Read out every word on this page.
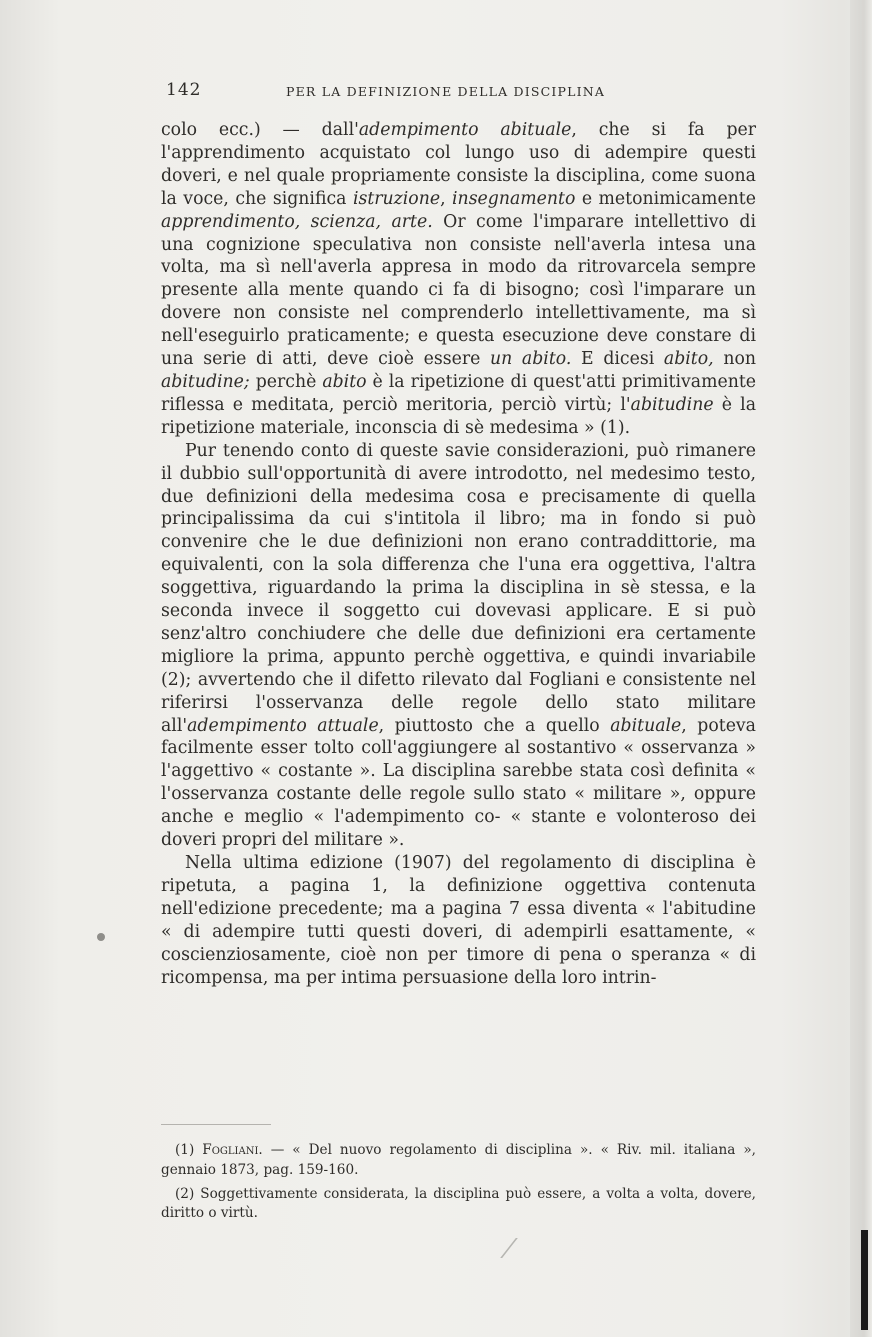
142	PER LA DEFINIZIONE DELLA DISCIPLINA

colo ecc.) — dall'adempimento abituale, che si fa per l'apprendimento acquistato col lungo uso di adempire questi doveri, e nel quale propriamente consiste la disciplina, come suona la voce, che significa istruzione, insegnamento e metonimicamente apprendimento, scienza, arte. Or come l'imparare intellettivo di una cognizione speculativa non consiste nell'averla intesa una volta, ma sì nell'averla appresa in modo da ritrovarcela sempre presente alla mente quando ci fa di bisogno; così l'imparare un dovere non consiste nel comprenderlo intellettivamente, ma sì nell'eseguirlo praticamente; e questa esecuzione deve constare di una serie di atti, deve cioè essere un abito. E dicesi abito, non abitudine; perchè abito è la ripetizione di quest'atti primitivamente riflessa e meditata, perciò meritoria, perciò virtù; l'abitudine è la ripetizione materiale, inconscia di sè medesima » (1).

Pur tenendo conto di queste savie considerazioni, può rimanere il dubbio sull'opportunità di avere introdotto, nel medesimo testo, due definizioni della medesima cosa e precisamente di quella principalissima da cui s'intitola il libro; ma in fondo si può convenire che le due definizioni non erano contraddittorie, ma equivalenti, con la sola differenza che l'una era oggettiva, l'altra soggettiva, riguardando la prima la disciplina in sè stessa, e la seconda invece il soggetto cui dovevasi applicare. E si può senz'altro conchiudere che delle due definizioni era certamente migliore la prima, appunto perchè oggettiva, e quindi invariabile (2); avvertendo che il difetto rilevato dal Fogliani e consistente nel riferirsi l'osservanza delle regole dello stato militare all'adempimento attuale, piuttosto che a quello abituale, poteva facilmente esser tolto coll'aggiungere al sostantivo « osservanza » l'aggettivo « costante ». La disciplina sarebbe stata così definita « l'osservanza costante delle regole sullo stato « militare », oppure anche e meglio « l'adempimento co- « stante e volonteroso dei doveri propri del militare ».

Nella ultima edizione (1907) del regolamento di disciplina è ripetuta, a pagina 1, la definizione oggettiva contenuta nell'edizione precedente; ma a pagina 7 essa diventa « l'abitudine « di adempire tutti questi doveri, di adempirli esattamente, « coscienziosamente, cioè non per timore di pena o speranza « di ricompensa, ma per intima persuasione della loro intrin-

(1) Fogliani. — « Del nuovo regolamento di disciplina ». « Riv. mil. italiana », gennaio 1873, pag. 159-160.

(2) Soggettivamente considerata, la disciplina può essere, a volta a volta, dovere, diritto o virtù.
